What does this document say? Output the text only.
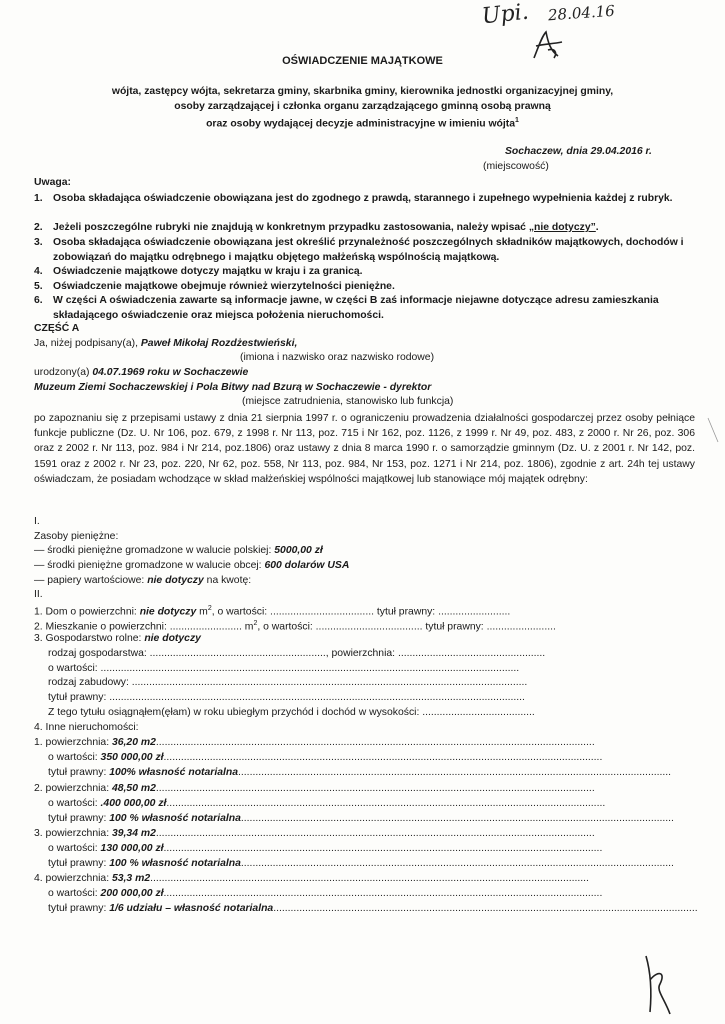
Upi. 28.04.16
OŚWIADCZENIE MAJĄTKOWE
wójta, zastępcy wójta, sekretarza gminy, skarbnika gminy, kierownika jednostki organizacyjnej gminy,
osoby zarządzającej i członka organu zarządzającego gminną osobą prawną
oraz osoby wydającej decyzje administracyjne w imieniu wójta$^1$
Sochaczew, dnia 29.04.2016 r.
(miejscowość)
Uwaga:
1. Osoba składająca oświadczenie obowiązana jest do zgodnego z prawdą, starannego i zupełnego wypełnienia każdej z rubryk.
2. Jeżeli poszczególne rubryki nie znajdują w konkretnym przypadku zastosowania, należy wpisać „nie dotyczy”.
3. Osoba składająca oświadczenie obowiązana jest określić przynależność poszczególnych składników majątkowych, dochodów i zobowiązań do majątku odrębnego i majątku objętego małżeńską wspólnością majątkową.
4. Oświadczenie majątkowe dotyczy majątku w kraju i za granicą.
5. Oświadczenie majątkowe obejmuje również wierzytelności pieniężne.
6. W części A oświadczenia zawarte są informacje jawne, w części B zaś informacje niejawne dotyczące adresu zamieszkania składającego oświadczenie oraz miejsca położenia nieruchomości.
CZĘŚĆ A
Ja, niżej podpisany(a), Paweł Mikołaj Rozdżestwieński,
(imiona i nazwisko oraz nazwisko rodowe)
urodzony(a) 04.07.1969 roku w Sochaczewie
Muzeum Ziemi Sochaczewskiej i Pola Bitwy nad Bzurą w Sochaczewie - dyrektor
(miejsce zatrudnienia, stanowisko lub funkcja)
po zapoznaniu się z przepisami ustawy z dnia 21 sierpnia 1997 r. o ograniczeniu prowadzenia działalności gospodarczej przez osoby pełniące funkcje publiczne (Dz. U. Nr 106, poz. 679, z 1998 r. Nr 113, poz. 715 i Nr 162, poz. 1126, z 1999 r. Nr 49, poz. 483, z 2000 r. Nr 26, poz. 306 oraz z 2002 r. Nr 113, poz. 984 i Nr 214, poz.1806) oraz ustawy z dnia 8 marca 1990 r. o samorządzie gminnym (Dz. U. z 2001 r. Nr 142, poz. 1591 oraz z 2002 r. Nr 23, poz. 220, Nr 62, poz. 558, Nr 113, poz. 984, Nr 153, poz. 1271 i Nr 214, poz. 1806), zgodnie z art. 24h tej ustawy oświadczam, że posiadam wchodzące w skład małżeńskiej wspólności majątkowej lub stanowiące mój majątek odrębny:
I.
Zasoby pieniężne:
— środki pieniężne gromadzone w walucie polskiej: 5000,00 zł
— środki pieniężne gromadzone w walucie obcej: 600 dolarów USA
— papiery wartościowe: nie dotyczy na kwotę:
II.
1. Dom o powierzchni: nie dotyczy $m^2$, o wartości: .................................... tytuł prawny: .........................
2. Mieszkanie o powierzchni: ......................... $m^2$, o wartości: ..................................... tytuł prawny: ........................
3. Gospodarstwo rolne: nie dotyczy
rodzaj gospodarstwa: ............................................................., powierzchnia: ...................................................
o wartości: .................................................................................................................................................
rodzaj zabudowy: .........................................................................................................................................
tytuł prawny: ................................................................................................................................................
Z tego tytułu osiągnąłem(ęłam) w roku ubiegłym przychód i dochód w wysokości: .......................................
4. Inne nieruchomości:
1. powierzchnia: 36,20 m2........................................................................................................................................................
o wartości: 350 000,00 zł........................................................................................................................................................
tytuł prawny: 100% własność notarialna......................................................................................................................................................
2. powierzchnia: 48,50 m2........................................................................................................................................................
o wartości: .400 000,00 zł........................................................................................................................................................
tytuł prawny: 100 % własność notarialna......................................................................................................................................................
3. powierzchnia: 39,34 m2........................................................................................................................................................
o wartości: 130 000,00 zł........................................................................................................................................................
tytuł prawny: 100 % własność notarialna......................................................................................................................................................
4. powierzchnia: 53,3 m2........................................................................................................................................................
o wartości: 200 000,00 zł........................................................................................................................................................
tytuł prawny: 1/6 udziału – własność notarialna...................................................................................................................................................
